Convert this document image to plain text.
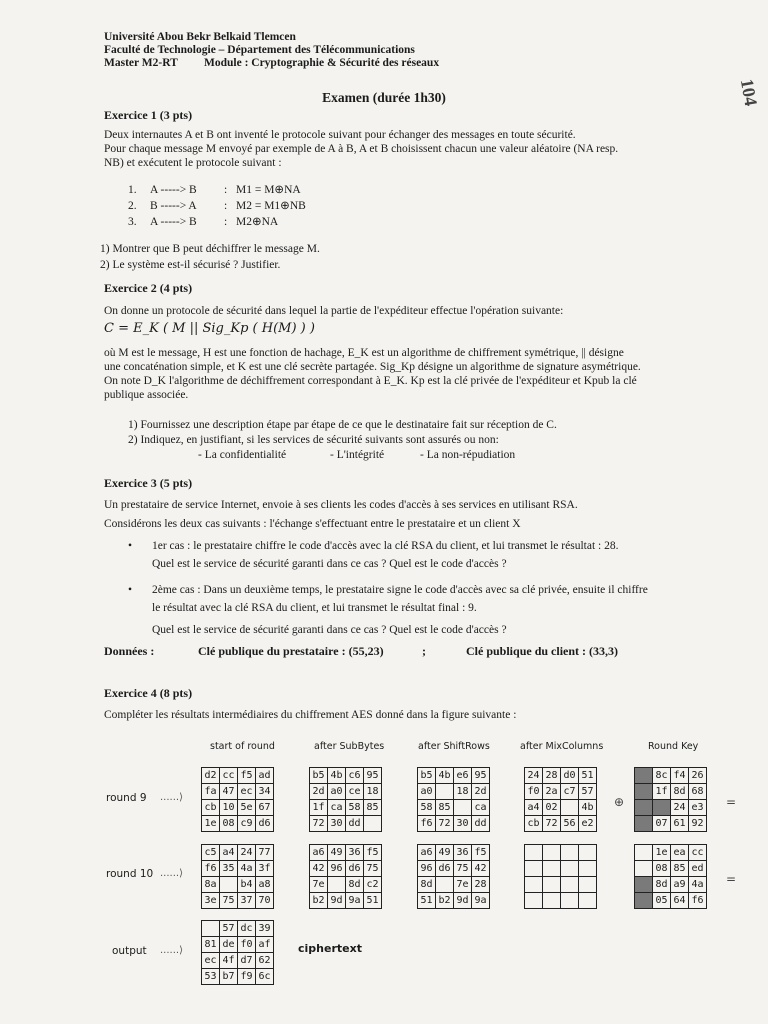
Université Abou Bekr Belkaid Tlemcen
Faculté de Technologie – Département des Télécommunications
Master M2-RT Module : Cryptographie & Sécurité des réseaux
Examen (durée 1h30)	104
Exercice 1 (3 pts)
Deux internautes A et B ont inventé le protocole suivant pour échanger des messages en toute sécurité.
Pour chaque message M envoyé par exemple de A à B, A et B choisissent chacun une valeur aléatoire (NA resp.
NB) et exécutent le protocole suivant :
1. A -----> B : M1 = M⊕NA
2. B -----> A : M2 = M1⊕NB
3. A -----> B : M2⊕NA
1) Montrer que B peut déchiffrer le message M.
2) Le système est-il sécurisé ? Justifier.
Exercice 2 (4 pts)
On donne un protocole de sécurité dans lequel la partie de l'expéditeur effectue l'opération suivante:
C = E_K ( M || Sig_Kp ( H(M) ) )
où M est le message, H est une fonction de hachage, E_K est un algorithme de chiffrement symétrique, || désigne
une concaténation simple, et K est une clé secrète partagée. Sig_Kp désigne un algorithme de signature asymétrique.
On note D_K l'algorithme de déchiffrement correspondant à E_K. Kp est la clé privée de l'expéditeur et Kpub la clé
publique associée.
1) Fournissez une description étape par étape de ce que le destinataire fait sur réception de C.
2) Indiquez, en justifiant, si les services de sécurité suivants sont assurés ou non:
- La confidentialité	- L'intégrité	- La non-répudiation
Exercice 3 (5 pts)
Un prestataire de service Internet, envoie à ses clients les codes d'accès à ses services en utilisant RSA.
Considérons les deux cas suivants : l'échange s'effectuant entre le prestataire et un client X
• 1er cas : le prestataire chiffre le code d'accès avec la clé RSA du client, et lui transmet le résultat : 28.
Quel est le service de sécurité garanti dans ce cas ? Quel est le code d'accès ?
• 2ème cas : Dans un deuxième temps, le prestataire signe le code d'accès avec sa clé privée, ensuite il chiffre
le résultat avec la clé RSA du client, et lui transmet le résultat final : 9.
Quel est le service de sécurité garanti dans ce cas ? Quel est le code d'accès ?
Données :	Clé publique du prestataire : (55,23)	;	Clé publique du client : (33,3)
Exercice 4 (8 pts)
Compléter les résultats intermédiaires du chiffrement AES donné dans la figure suivante :
start of round	after SubBytes	after ShiftRows	after MixColumns	Round Key
round 9 ......⟩
round 10 ......⟩
output ......⟩
d2	cc	f5	ad
fa	47	ec	34
cb	10	5e	67
1e	08	c9	d6
b5	4b	c6	95
2d	a0	ce	18
1f	ca	58	85
72	30	dd	
b5	4b	e6	95
a0		18	2d
58	85		ca
f6	72	30	dd
24	28	d0	51
f0	2a	c7	57
a4	02		4b
cb	72	56	e2
⊕
	8c	f4	26
	1f	8d	68
		24	e3
	07	61	92
=
c5	a4	24	77
f6	35	4a	3f
8a		b4	a8
3e	75	37	70
a6	49	36	f5
42	96	d6	75
7e		8d	c2
b2	9d	9a	51
a6	49	36	f5
96	d6	75	42
8d		7e	28
51	b2	9d	9a

	1e	ea	cc
	08	85	ed
	8d	a9	4a
	05	64	f6
=
	57	dc	39
81	de	f0	af
ec	4f	d7	62
53	b7	f9	6c
ciphertext
